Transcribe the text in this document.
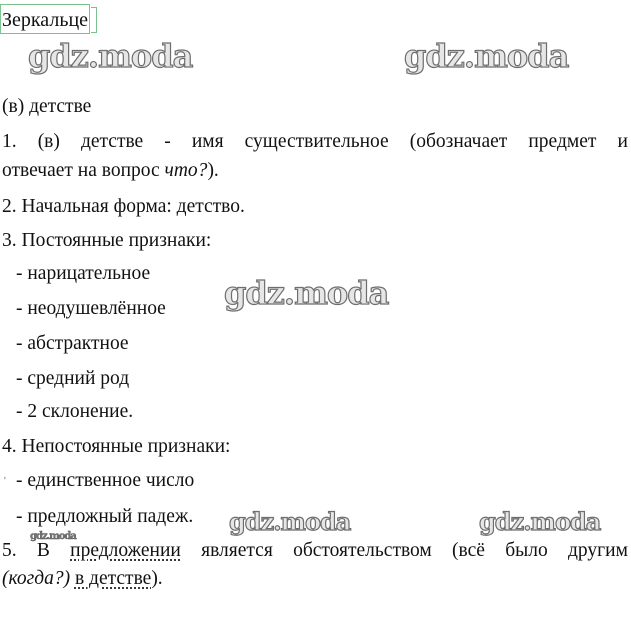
Зеркальце
gdz.moda	gdz.moda
(в) детстве
1. (в) детстве - имя существительное (обозначает предмет и
отвечает на вопрос что?).
2. Начальная форма: детство.
3. Постоянные признаки:
- нарицательное
- неодушевлённое
- абстрактное
- средний род
- 2 склонение.
gdz.moda
4. Непостоянные признаки:
' - единственное число
- предложный падеж. gdz.moda	gdz.moda
gdz.moda
5. В предложении является обстоятельством (всё было другим
(когда?) в детстве).
